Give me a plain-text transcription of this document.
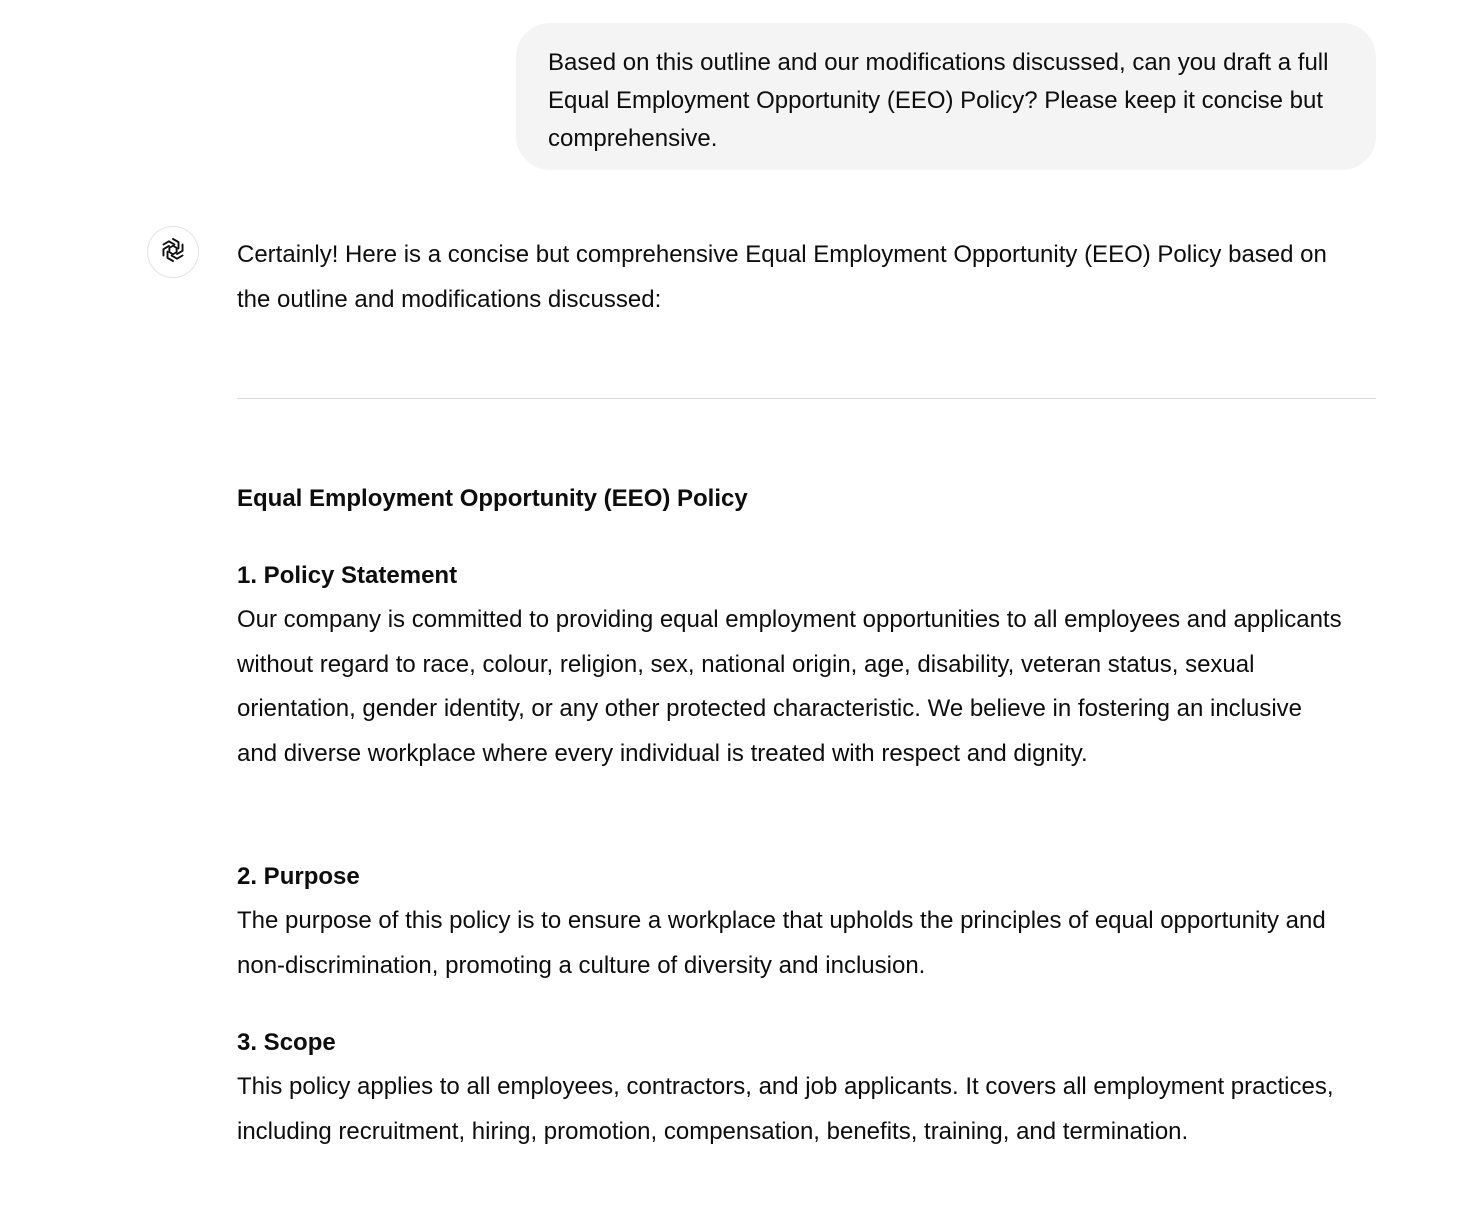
Based on this outline and our modifications discussed, can you draft a full Equal Employment Opportunity (EEO) Policy? Please keep it concise but comprehensive.

Certainly! Here is a concise but comprehensive Equal Employment Opportunity (EEO) Policy based on the outline and modifications discussed:

Equal Employment Opportunity (EEO) Policy

1. Policy Statement

Our company is committed to providing equal employment opportunities to all employees and applicants without regard to race, colour, religion, sex, national origin, age, disability, veteran status, sexual orientation, gender identity, or any other protected characteristic. We believe in fostering an inclusive and diverse workplace where every individual is treated with respect and dignity.

2. Purpose

The purpose of this policy is to ensure a workplace that upholds the principles of equal opportunity and non-discrimination, promoting a culture of diversity and inclusion.

3. Scope

This policy applies to all employees, contractors, and job applicants. It covers all employment practices, including recruitment, hiring, promotion, compensation, benefits, training, and termination.
